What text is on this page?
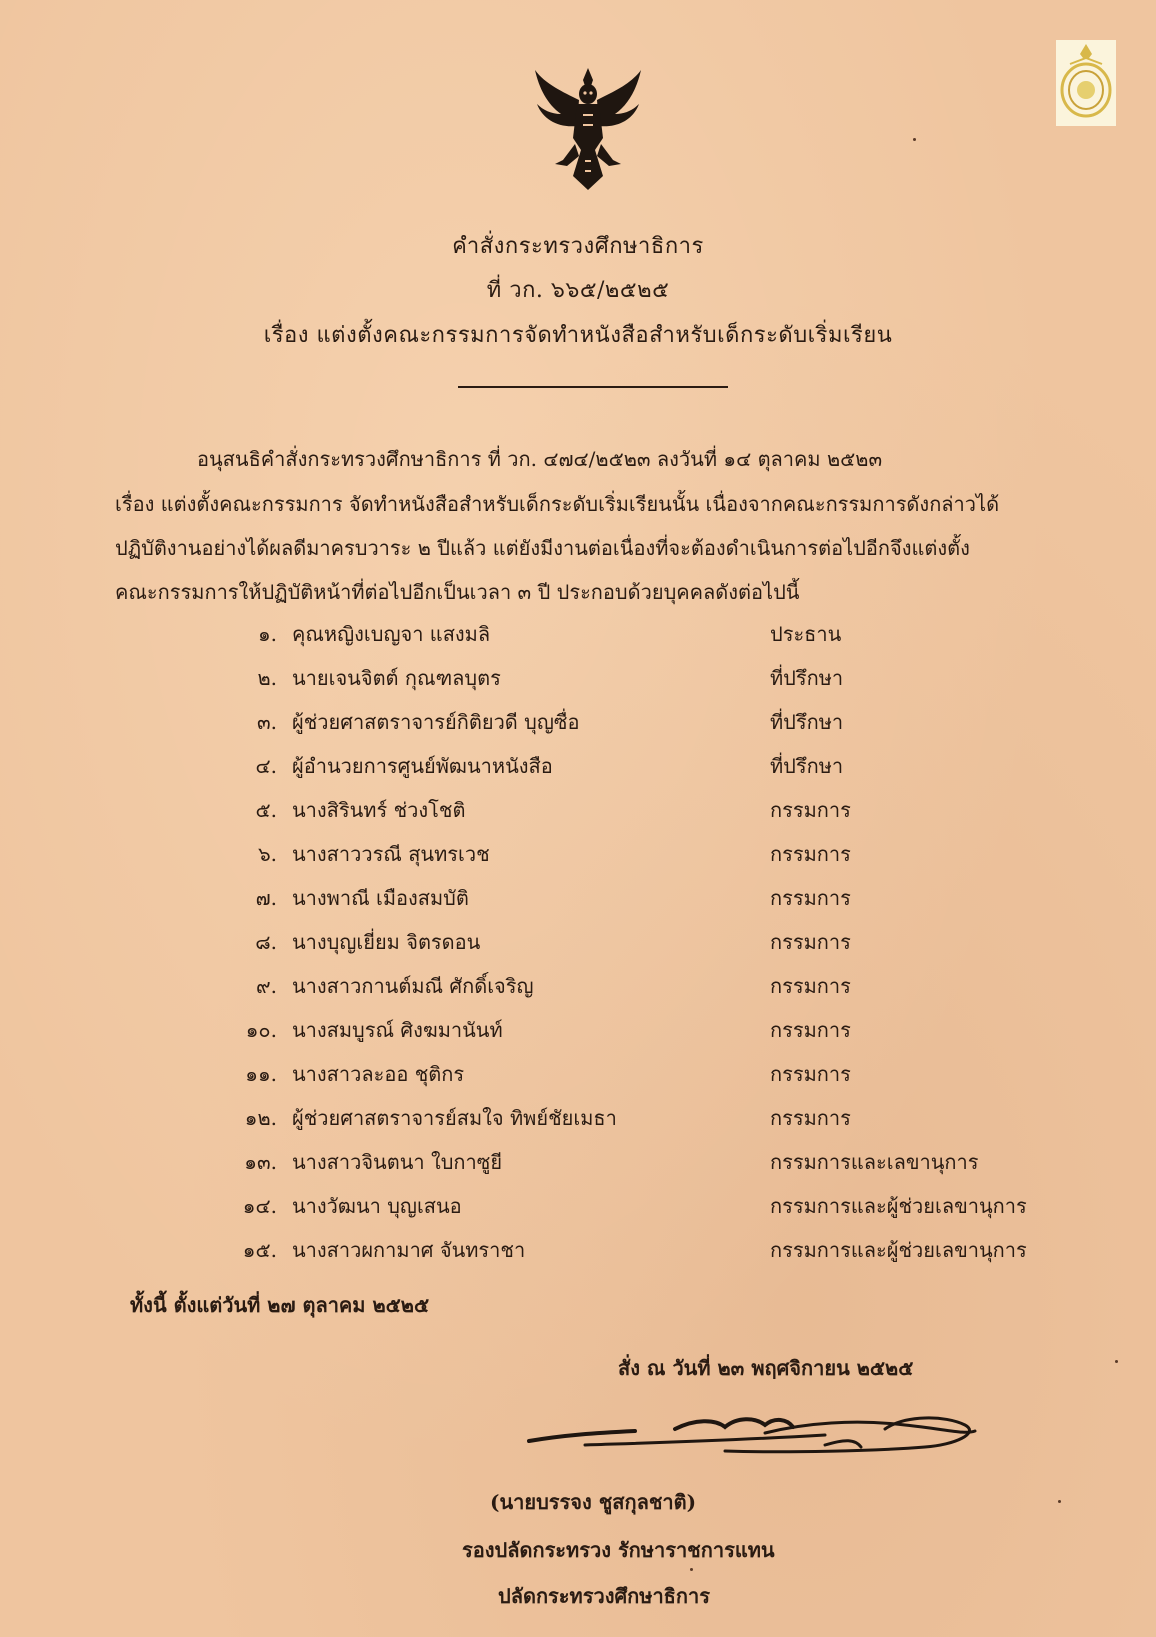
คำสั่งกระทรวงศึกษาธิการ
ที่ วก. ๖๖๕/๒๕๒๕
เรื่อง แต่งตั้งคณะกรรมการจัดทำหนังสือสำหรับเด็กระดับเริ่มเรียน
อนุสนธิคำสั่งกระทรวงศึกษาธิการ ที่ วก. ๔๗๔/๒๕๒๓ ลงวันที่ ๑๔ ตุลาคม ๒๕๒๓
เรื่อง แต่งตั้งคณะกรรมการ จัดทำหนังสือสำหรับเด็กระดับเริ่มเรียนนั้น เนื่องจากคณะกรรมการดังกล่าวได้
ปฏิบัติงานอย่างได้ผลดีมาครบวาระ ๒ ปีแล้ว แต่ยังมีงานต่อเนื่องที่จะต้องดำเนินการต่อไปอีกจึงแต่งตั้ง
คณะกรรมการให้ปฏิบัติหน้าที่ต่อไปอีกเป็นเวลา ๓ ปี ประกอบด้วยบุคคลดังต่อไปนี้
๑. คุณหญิงเบญจา แสงมลิ	ประธาน
๒. นายเจนจิตต์ กุณฑลบุตร	ที่ปรึกษา
๓. ผู้ช่วยศาสตราจารย์กิติยวดี บุญซื่อ	ที่ปรึกษา
๔. ผู้อำนวยการศูนย์พัฒนาหนังสือ	ที่ปรึกษา
๕. นางสิรินทร์ ช่วงโชติ	กรรมการ
๖. นางสาววรณี สุนทรเวช	กรรมการ
๗. นางพาณี เมืองสมบัติ	กรรมการ
๘. นางบุญเยี่ยม จิตรดอน	กรรมการ
๙. นางสาวกานต์มณี ศักดิ์เจริญ	กรรมการ
๑๐. นางสมบูรณ์ ศิงฆมานันท์	กรรมการ
๑๑. นางสาวละออ ชุติกร	กรรมการ
๑๒. ผู้ช่วยศาสตราจารย์สมใจ ทิพย์ชัยเมธา	กรรมการ
๑๓. นางสาวจินตนา ใบกาซูยี	กรรมการและเลขานุการ
๑๔. นางวัฒนา บุญเสนอ	กรรมการและผู้ช่วยเลขานุการ
๑๕. นางสาวผกามาศ จันทราชา	กรรมการและผู้ช่วยเลขานุการ
ทั้งนี้ ตั้งแต่วันที่ ๒๗ ตุลาคม ๒๕๒๕
สั่ง ณ วันที่ ๒๓ พฤศจิกายน ๒๕๒๕
(นายบรรจง ชูสกุลชาติ)
รองปลัดกระทรวง รักษาราชการแทน
ปลัดกระทรวงศึกษาธิการ
